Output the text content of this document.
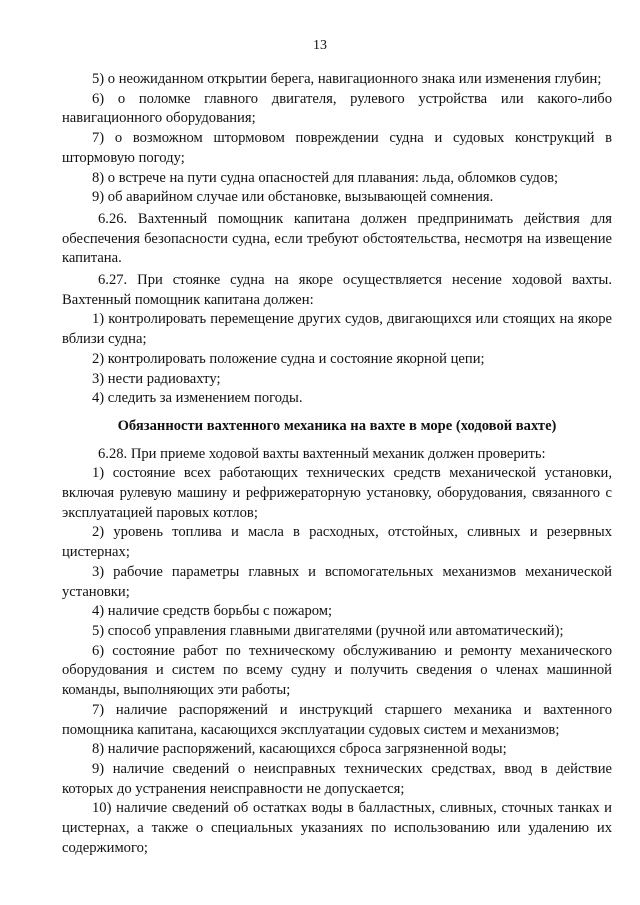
13

5) о неожиданном открытии берега, навигационного знака или изменения глубин;

6) о поломке главного двигателя, рулевого устройства или какого-либо навигационного оборудования;

7) о возможном штормовом повреждении судна и судовых конструкций в штормовую погоду;

8) о встрече на пути судна опасностей для плавания: льда, обломков судов;

9) об аварийном случае или обстановке, вызывающей сомнения.

6.26. Вахтенный помощник капитана должен предпринимать действия для обеспечения безопасности судна, если требуют обстоятельства, несмотря на извещение капитана.

6.27. При стоянке судна на якоре осуществляется несение ходовой вахты. Вахтенный помощник капитана должен:

1) контролировать перемещение других судов, двигающихся или стоящих на якоре вблизи судна;

2) контролировать положение судна и состояние якорной цепи;

3) нести радиовахту;

4) следить за изменением погоды.

Обязанности вахтенного механика на вахте в море (ходовой вахте)

6.28. При приеме ходовой вахты вахтенный механик должен проверить:

1) состояние всех работающих технических средств механической установки, включая рулевую машину и рефрижераторную установку, оборудования, связанного с эксплуатацией паровых котлов;

2) уровень топлива и масла в расходных, отстойных, сливных и резервных цистернах;

3) рабочие параметры главных и вспомогательных механизмов механической установки;

4) наличие средств борьбы с пожаром;

5) способ управления главными двигателями (ручной или автоматический);

6) состояние работ по техническому обслуживанию и ремонту механического оборудования и систем по всему судну и получить сведения о членах машинной команды, выполняющих эти работы;

7) наличие распоряжений и инструкций старшего механика и вахтенного помощника капитана, касающихся эксплуатации судовых систем и механизмов;

8) наличие распоряжений, касающихся сброса загрязненной воды;

9) наличие сведений о неисправных технических средствах, ввод в действие которых до устранения неисправности не допускается;

10) наличие сведений об остатках воды в балластных, сливных, сточных танках и цистернах, а также о специальных указаниях по использованию или удалению их содержимого;
